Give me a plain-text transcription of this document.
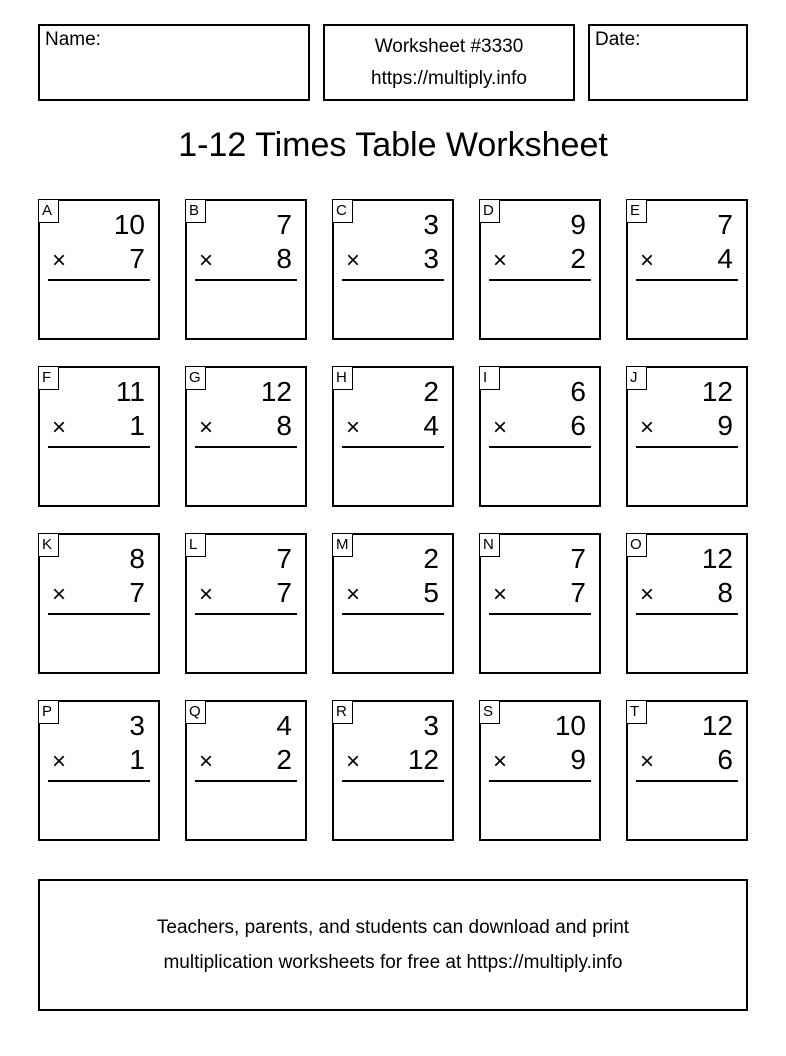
Name:	Worksheet #3330
https://multiply.info
Date:
1-12 Times Table Worksheet
A 10
× 7
B	7
× 8
C	3
× 3
D	9
× 2
E	7
× 4
F 11
× 1
G 12
× 8
H	2
× 4
I	6
× 6
J	12
× 9
K	8
× 7
L	7
× 7
M	2
× 5
N	7
× 7
O 12
× 8
P	3
× 1
Q	4
× 2
R	3
× 12
S 10
× 9
T 12
× 6
Teachers, parents, and students can download and print
multiplication worksheets for free at https://multiply.info
